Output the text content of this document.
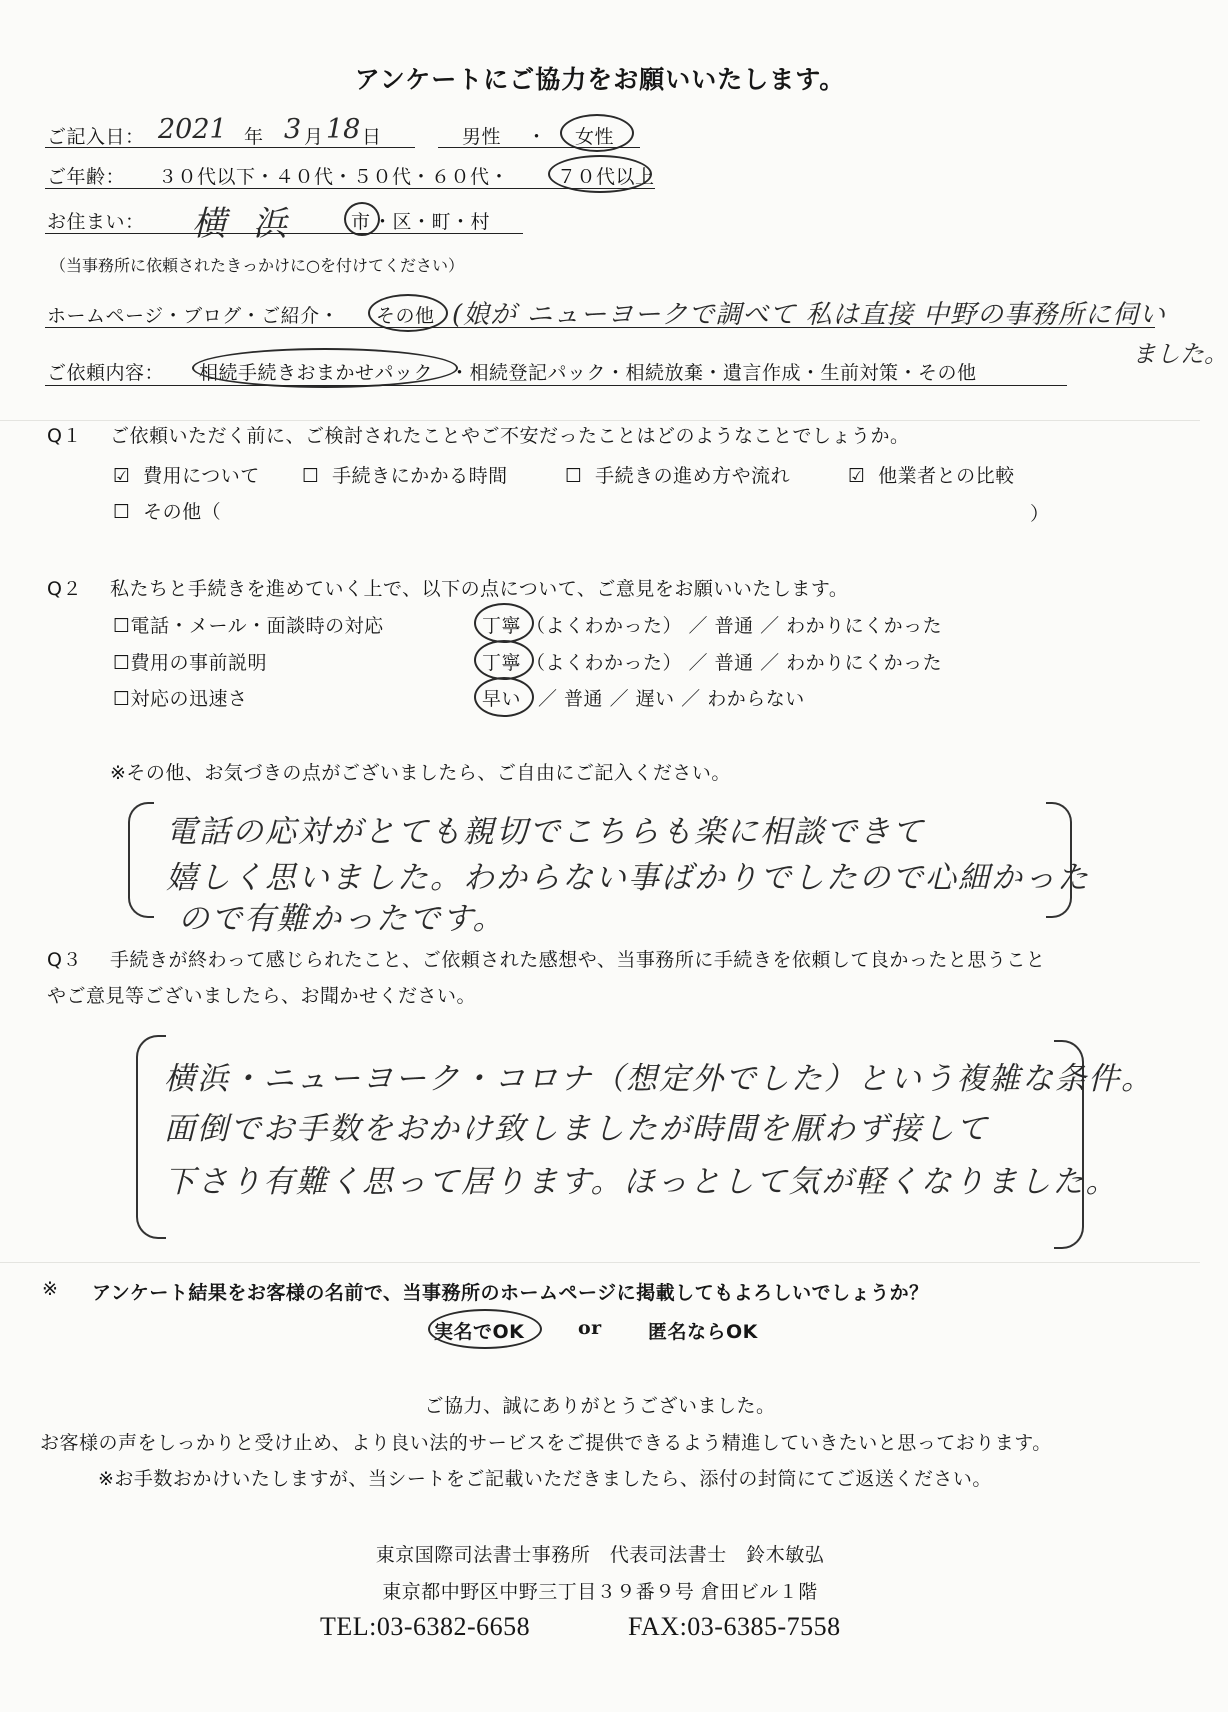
アンケートにご協力をお願いいたします。
ご記入日： 2021 年 3 月 18 日	男性 ・ 女性
ご年齢： ３０代以下・４０代・５０代・６０代・	７０代以上
お住まい： 横 浜	市 ・区・町・村
（当事務所に依頼されたきっかけに○を付けてください）
ホームページ・ブログ・ご紹介・ その他 (娘が ニューヨークで調べて 私は直接 中野の事務所に伺い
ました。
ご依頼内容： 相続手続きおまかせパック ・相続登記パック・相続放棄・遺言作成・生前対策・その他
Q１ ご依頼いただく前に、ご検討されたことやご不安だったことはどのようなことでしょうか。
☑ 費用について ☐ 手続きにかかる時間	☐ 手続きの進め方や流れ	☑ 他業者との比較
☐ その他（	）
Q２ 私たちと手続きを進めていく上で、以下の点について、ご意見をお願いいたします。
☐電話・メール・面談時の対応	丁寧 （よくわかった） ／ 普通 ／ わかりにくかった
☐費用の事前説明	丁寧 （よくわかった） ／ 普通 ／ わかりにくかった
☐対応の迅速さ	早い ／ 普通 ／ 遅い ／ わからない
※その他、お気づきの点がございましたら、ご自由にご記入ください。
電話の応対がとても親切でこちらも楽に相談できて
嬉しく思いました。わからない事ばかりでしたので心細かった
ので有難かったです。
Q３ 手続きが終わって感じられたこと、ご依頼された感想や、当事務所に手続きを依頼して良かったと思うこと
やご意見等ございましたら、お聞かせください。
横浜・ニューヨーク・コロナ（想定外でした）という複雑な条件。
面倒でお手数をおかけ致しましたが時間を厭わず接して
下さり有難く思って居ります。ほっとして気が軽くなりました。
※ アンケート結果をお客様の名前で、当事務所のホームページに掲載してもよろしいでしょうか？
実名でOK	or 匿名ならOK
ご協力、誠にありがとうございました。
お客様の声をしっかりと受け止め、より良い法的サービスをご提供できるよう精進していきたいと思っております。
※お手数おかけいたしますが、当シートをご記載いただきましたら、添付の封筒にてご返送ください。
東京国際司法書士事務所　代表司法書士　鈴木敏弘
東京都中野区中野三丁目３９番９号 倉田ビル１階
TEL:03-6382-6658	FAX:03-6385-7558
